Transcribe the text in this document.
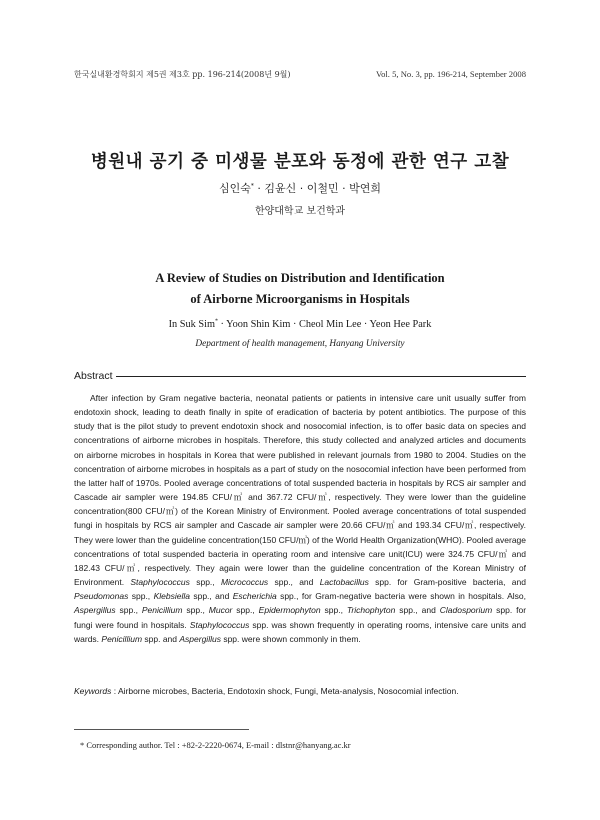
한국실내환경학회지 제5권 제3호 pp. 196-214(2008년 9월)	Vol. 5, No. 3, pp. 196-214, September 2008
병원내 공기 중 미생물 분포와 동정에 관한 연구 고찰
심인숙* · 김윤신 · 이철민 · 박연희
한양대학교 보건학과
A Review of Studies on Distribution and Identification
of Airborne Microorganisms in Hospitals
In Suk Sim* · Yoon Shin Kim · Cheol Min Lee · Yeon Hee Park
Department of health management, Hanyang University
Abstract
After infection by Gram negative bacteria, neonatal patients or patients in intensive care unit usually suffer from endotoxin shock, leading to death finally in spite of eradication of bacteria by potent antibiotics. The purpose of this study that is the pilot study to prevent endotoxin shock and nosocomial infection, is to offer basic data on species and concentrations of airborne microbes in hospitals. Therefore, this study collected and analyzed articles and documents on airborne microbes in hospitals in Korea that were published in relevant journals from 1980 to 2004. Studies on the concentration of airborne microbes in hospitals as a part of study on the nosocomial infection have been performed from the latter half of 1970s. Pooled average concentrations of total suspended bacteria in hospitals by RCS air sampler and Cascade air sampler were 194.85 CFU/㎥ and 367.72 CFU/㎥, respectively. They were lower than the guideline concentration(800 CFU/㎥) of the Korean Ministry of Environment. Pooled average concentrations of total suspended fungi in hospitals by RCS air sampler and Cascade air sampler were 20.66 CFU/㎥ and 193.34 CFU/㎥, respectively. They were lower than the guideline concentration(150 CFU/㎥) of the World Health Organization(WHO). Pooled average concentrations of total suspended bacteria in operating room and intensive care unit(ICU) were 324.75 CFU/㎥ and 182.43 CFU/㎥, respectively. They again were lower than the guideline concentration of the Korean Ministry of Environment. Staphylococcus spp., Micrococcus spp., and Lactobacillus spp. for Gram-positive bacteria, and Pseudomonas spp., Klebsiella spp., and Escherichia spp., for Gram-negative bacteria were shown in hospitals. Also, Aspergillus spp., Penicillium spp., Mucor spp., Epidermophyton spp., Trichophyton spp., and Cladosporium spp. for fungi were found in hospitals. Staphylococcus spp. was shown frequently in operating rooms, intensive care units and wards. Penicillium spp. and Aspergillus spp. were shown commonly in them.
Keywords : Airborne microbes, Bacteria, Endotoxin shock, Fungi, Meta-analysis, Nosocomial infection.
* Corresponding author. Tel : +82-2-2220-0674, E-mail : dlstnr@hanyang.ac.kr
